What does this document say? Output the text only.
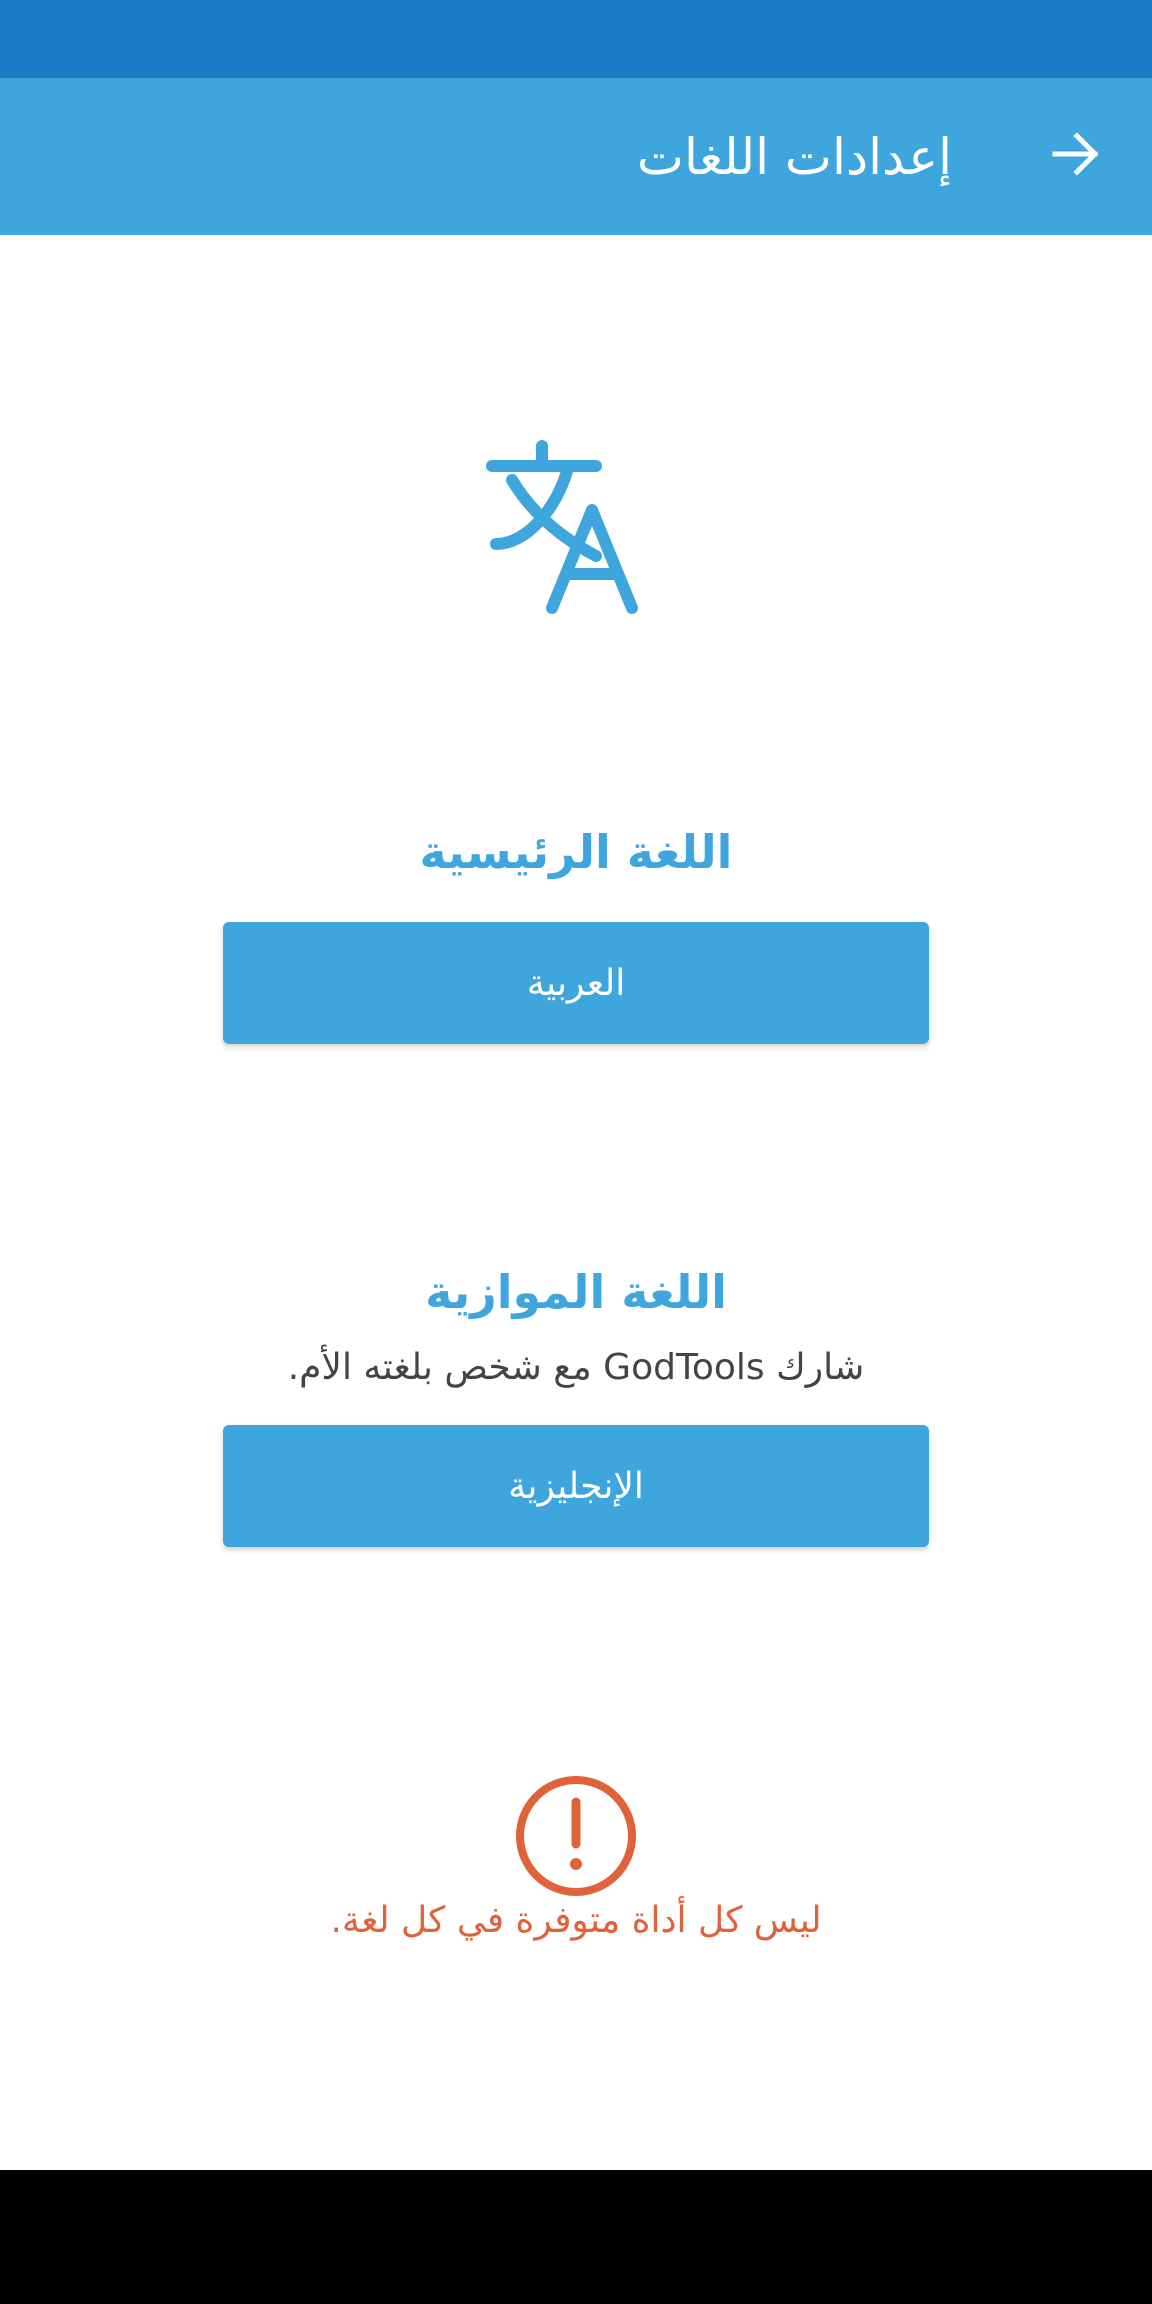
إعدادات اللغات
اللغة الرئيسية
العربية
اللغة الموازية
شارك GodTools مع شخص بلغته الأم.
الإنجليزية
ليس كل أداة متوفرة في كل لغة.
